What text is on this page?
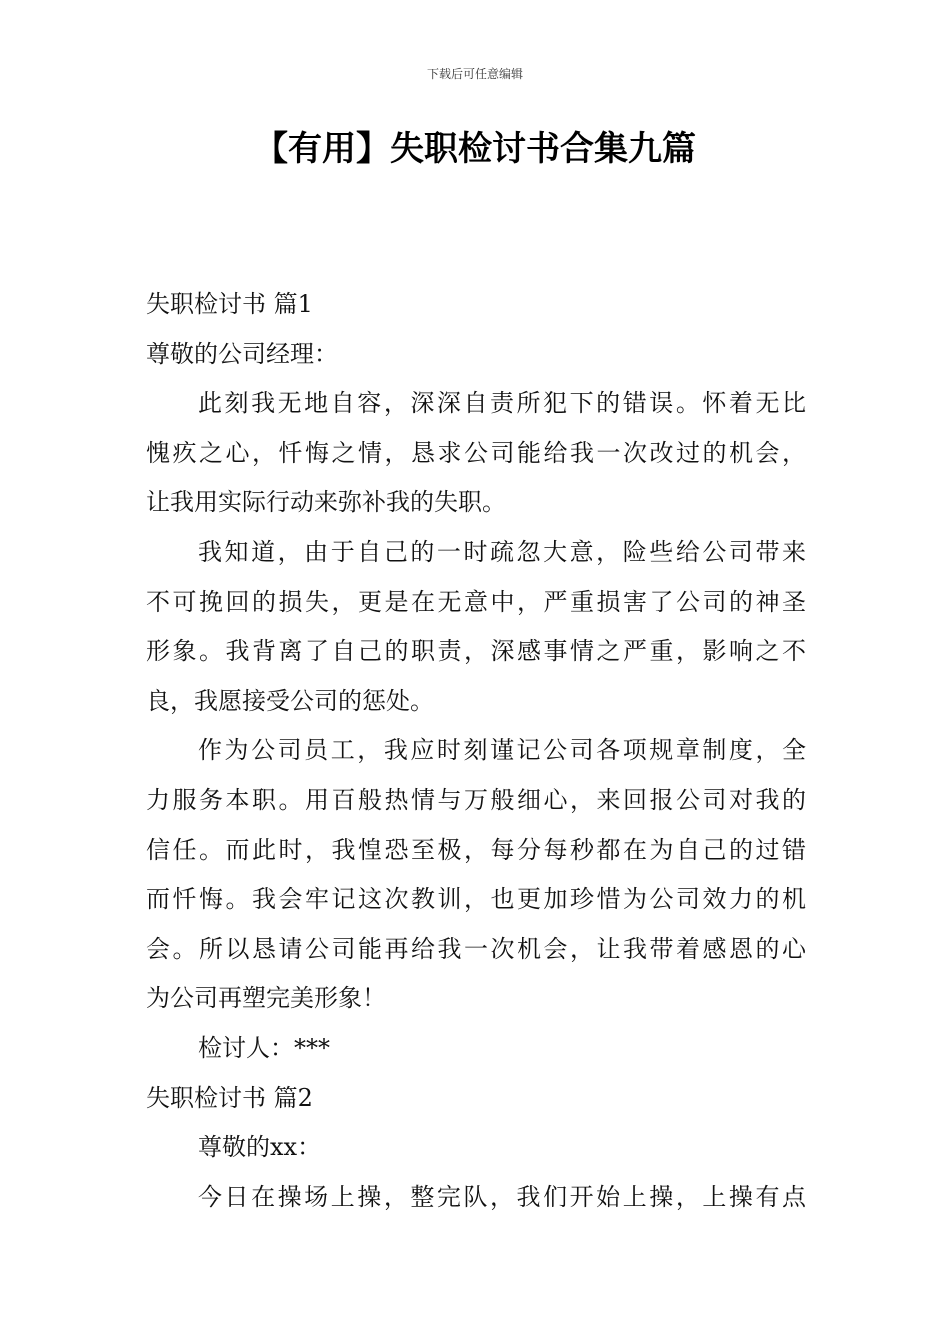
下载后可任意编辑
【有用】失职检讨书合集九篇

失职检讨书 篇1

尊敬的公司经理：

此刻我无地自容，深深自责所犯下的错误。怀着无比

愧疚之心，忏悔之情，恳求公司能给我一次改过的机会，

让我用实际行动来弥补我的失职。

我知道，由于自己的一时疏忽大意，险些给公司带来

不可挽回的损失，更是在无意中，严重损害了公司的神圣

形象。我背离了自己的职责，深感事情之严重，影响之不

良，我愿接受公司的惩处。

作为公司员工，我应时刻谨记公司各项规章制度，全

力服务本职。用百般热情与万般细心，来回报公司对我的

信任。而此时，我惶恐至极，每分每秒都在为自己的过错

而忏悔。我会牢记这次教训，也更加珍惜为公司效力的机

会。所以恳请公司能再给我一次机会，让我带着感恩的心

为公司再塑完美形象！

检讨人：***

失职检讨书 篇2

尊敬的xx：

今日在操场上操，整完队，我们开始上操，上操有点
